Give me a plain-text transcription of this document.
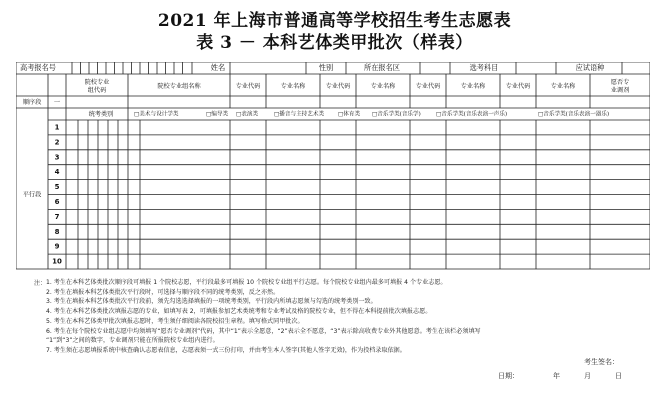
2021 年上海市普通高等学校招生考生志愿表
表 3 － 本科艺体类甲批次（样表）
高考报名号	姓名	性别	所在报名区	选考科目	应试语种
院校专业
组代码
院校专业组名称	专业代码	专业名称	专业代码	专业名称	专业代码	专业名称	专业代码	专业名称
愿否专
业调剂
顺序段 一
统考类别	□美术与设计学类	□编导类 □表演类	□播音与主持艺术类 □体育类 □音乐学类(音乐学)	□音乐学类(音乐表演一声乐)	□音乐学类(音乐表演一器乐)
1
2
3
4
5
6
7
8
9
10
平行段
注： 1. 考生在本科艺体类批次顺序段可填报 1 个院校志愿，平行段最多可填报 10 个院校专业组平行志愿。每个院校专业组内最多可填报 4 个专业志愿。
2. 考生在填报本科艺体类批次平行段时，可选择与顺序段不同的统考类别，反之亦然。
3. 考生在填报本科艺体类批次平行段前，须先勾选选择填报的一项统考类别，平行段内所填志愿须与勾选的统考类别一致。
4. 考生在本科艺体类批次填报志愿的专业，如填写表 2，可填报参加艺术类统考和专业考试及格的院校专业，但不得在本科提前批次填报志愿。
5. 考生在本科艺体类甲批次填报志愿时，考生须仔细阅读各院校招生章程。填写格式同甲批次。
6. 考生在每个院校专业组志愿中均须填写“愿否专业调剂”代码，其中“1”表示全愿意，“2”表示全不愿意，“3”表示除高收费专业外其他愿意。考生在该栏必须填写
“1”到“3”之间的数字，专业调剂只能在所报院校专业组内进行。
7. 考生须在志愿填报系统中核查确认志愿表信息，志愿表须一式三份打印，并由考生本人签字(其他人签字无效)，作为投档录取依据。
考生签名：
日期：	年	月	日
